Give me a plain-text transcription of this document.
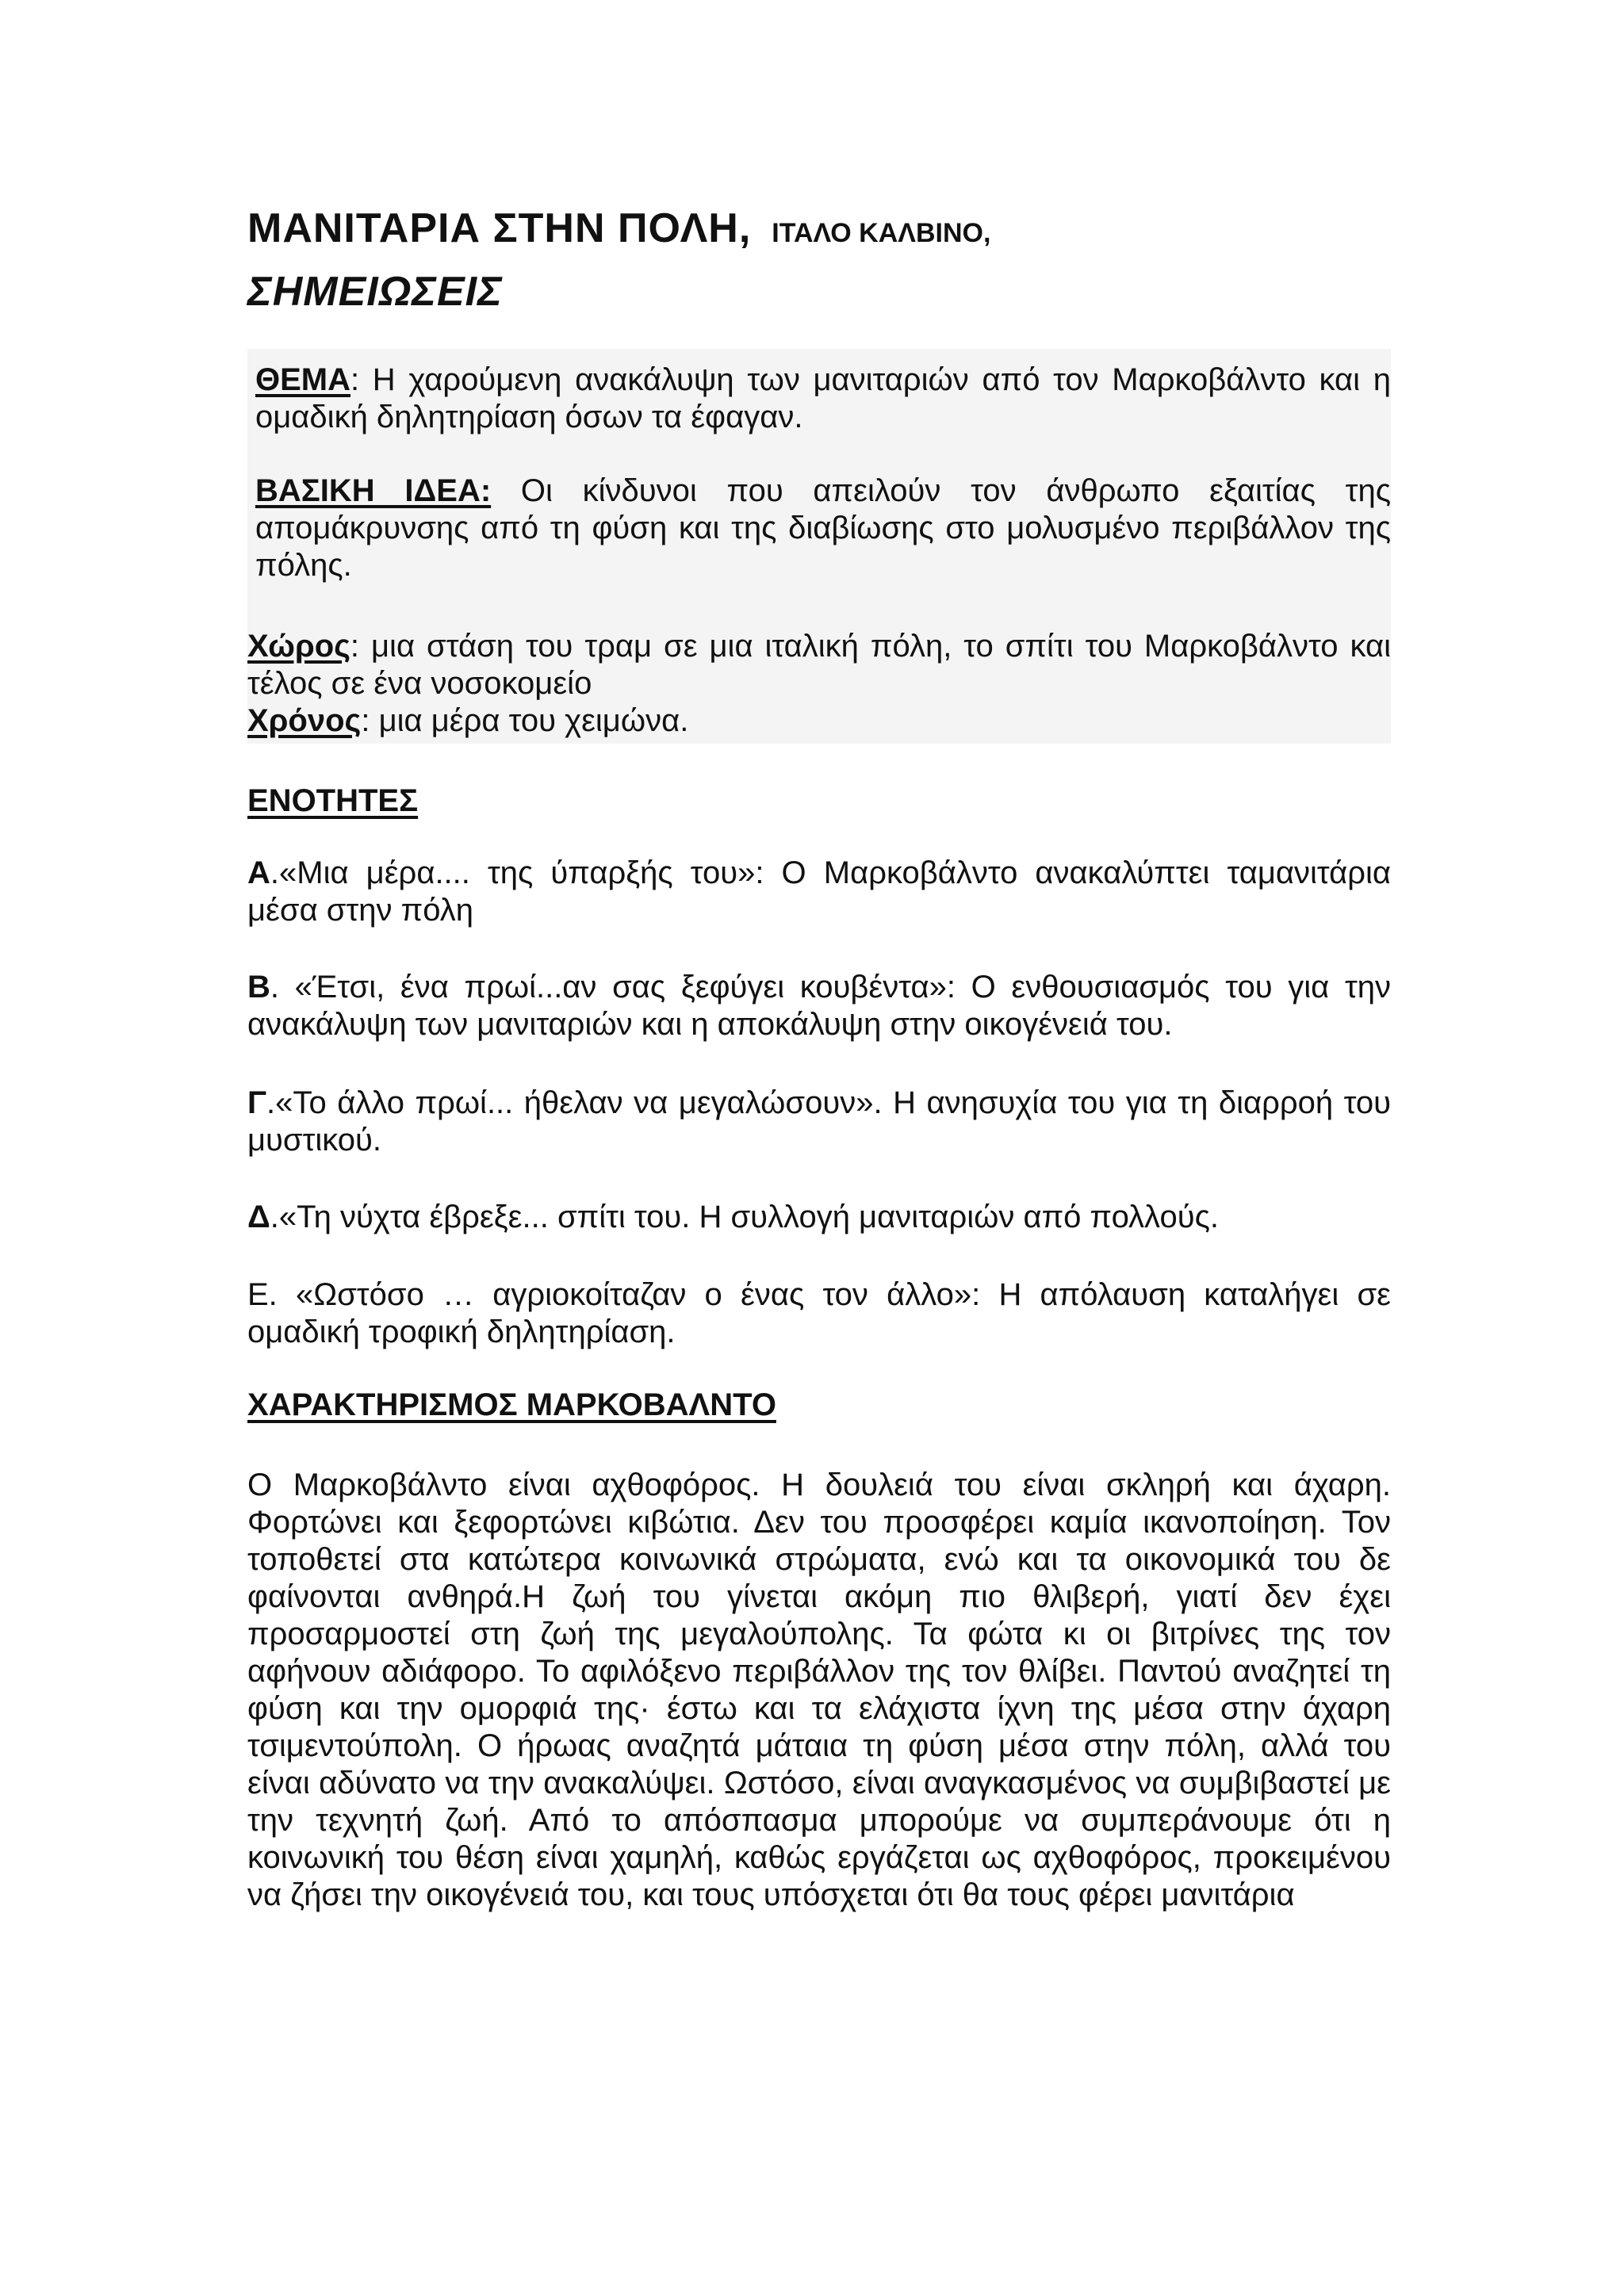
ΜΑΝΙΤΑΡΙΑ ΣΤΗΝ ΠΟΛΗ, ΙΤΑΛΟ ΚΑΛΒΙΝΟ,
ΣΗΜΕΙΩΣΕΙΣ
ΘΕΜΑ: Η χαρούμενη ανακάλυψη των μανιταριών από τον Μαρκοβάλντο και η ομαδική δηλητηρίαση όσων τα έφαγαν.
ΒΑΣΙΚΗ ΙΔΕΑ: Οι κίνδυνοι που απειλούν τον άνθρωπο εξαιτίας της απομάκρυνσης από τη φύση και της διαβίωσης στο μολυσμένο περιβάλλον της πόλης.
Χώρος: μια στάση του τραμ σε μια ιταλική πόλη, το σπίτι του Μαρκοβάλντο και τέλος σε ένα νοσοκομείο
Χρόνος: μια μέρα του χειμώνα.
ΕΝΟΤΗΤΕΣ
Α.«Μια μέρα.... της ύπαρξής του»: Ο Μαρκοβάλντο ανακαλύπτει ταμανιτάρια μέσα στην πόλη
Β. «Έτσι, ένα πρωί...αν σας ξεφύγει κουβέντα»: Ο ενθουσιασμός του για την ανακάλυψη των μανιταριών και η αποκάλυψη στην οικογένειά του.
Γ.«Το άλλο πρωί... ήθελαν να μεγαλώσουν». Η ανησυχία του για τη διαρροή του μυστικού.
Δ.«Τη νύχτα έβρεξε... σπίτι του. Η συλλογή μανιταριών από πολλούς.
Ε. «Ωστόσο … αγριοκοίταζαν ο ένας τον άλλο»: Η απόλαυση καταλήγει σε ομαδική τροφική δηλητηρίαση.
ΧΑΡΑΚΤΗΡΙΣΜΟΣ ΜΑΡΚΟΒΑΛΝΤΟ
Ο Μαρκοβάλντο είναι αχθοφόρος. Η δουλειά του είναι σκληρή και άχαρη. Φορτώνει και ξεφορτώνει κιβώτια. Δεν του προσφέρει καμία ικανοποίηση. Τον τοποθετεί στα κατώτερα κοινωνικά στρώματα, ενώ και τα οικονομικά του δε φαίνονται ανθηρά.Η ζωή του γίνεται ακόμη πιο θλιβερή, γιατί δεν έχει προσαρμοστεί στη ζωή της μεγαλούπολης. Τα φώτα κι οι βιτρίνες της τον αφήνουν αδιάφορο. Το αφιλόξενο περιβάλλον της τον θλίβει. Παντού αναζητεί τη φύση και την ομορφιά της· έστω και τα ελάχιστα ίχνη της μέσα στην άχαρη τσιμεντούπολη. Ο ήρωας αναζητά μάταια τη φύση μέσα στην πόλη, αλλά του είναι αδύνατο να την ανακαλύψει. Ωστόσο, είναι αναγκασμένος να συμβιβαστεί με την τεχνητή ζωή. Από το απόσπασμα μπορούμε να συμπεράνουμε ότι η κοινωνική του θέση είναι χαμηλή, καθώς εργάζεται ως αχθοφόρος, προκειμένου να ζήσει την οικογένειά του, και τους υπόσχεται ότι θα τους φέρει μανιτάρια
